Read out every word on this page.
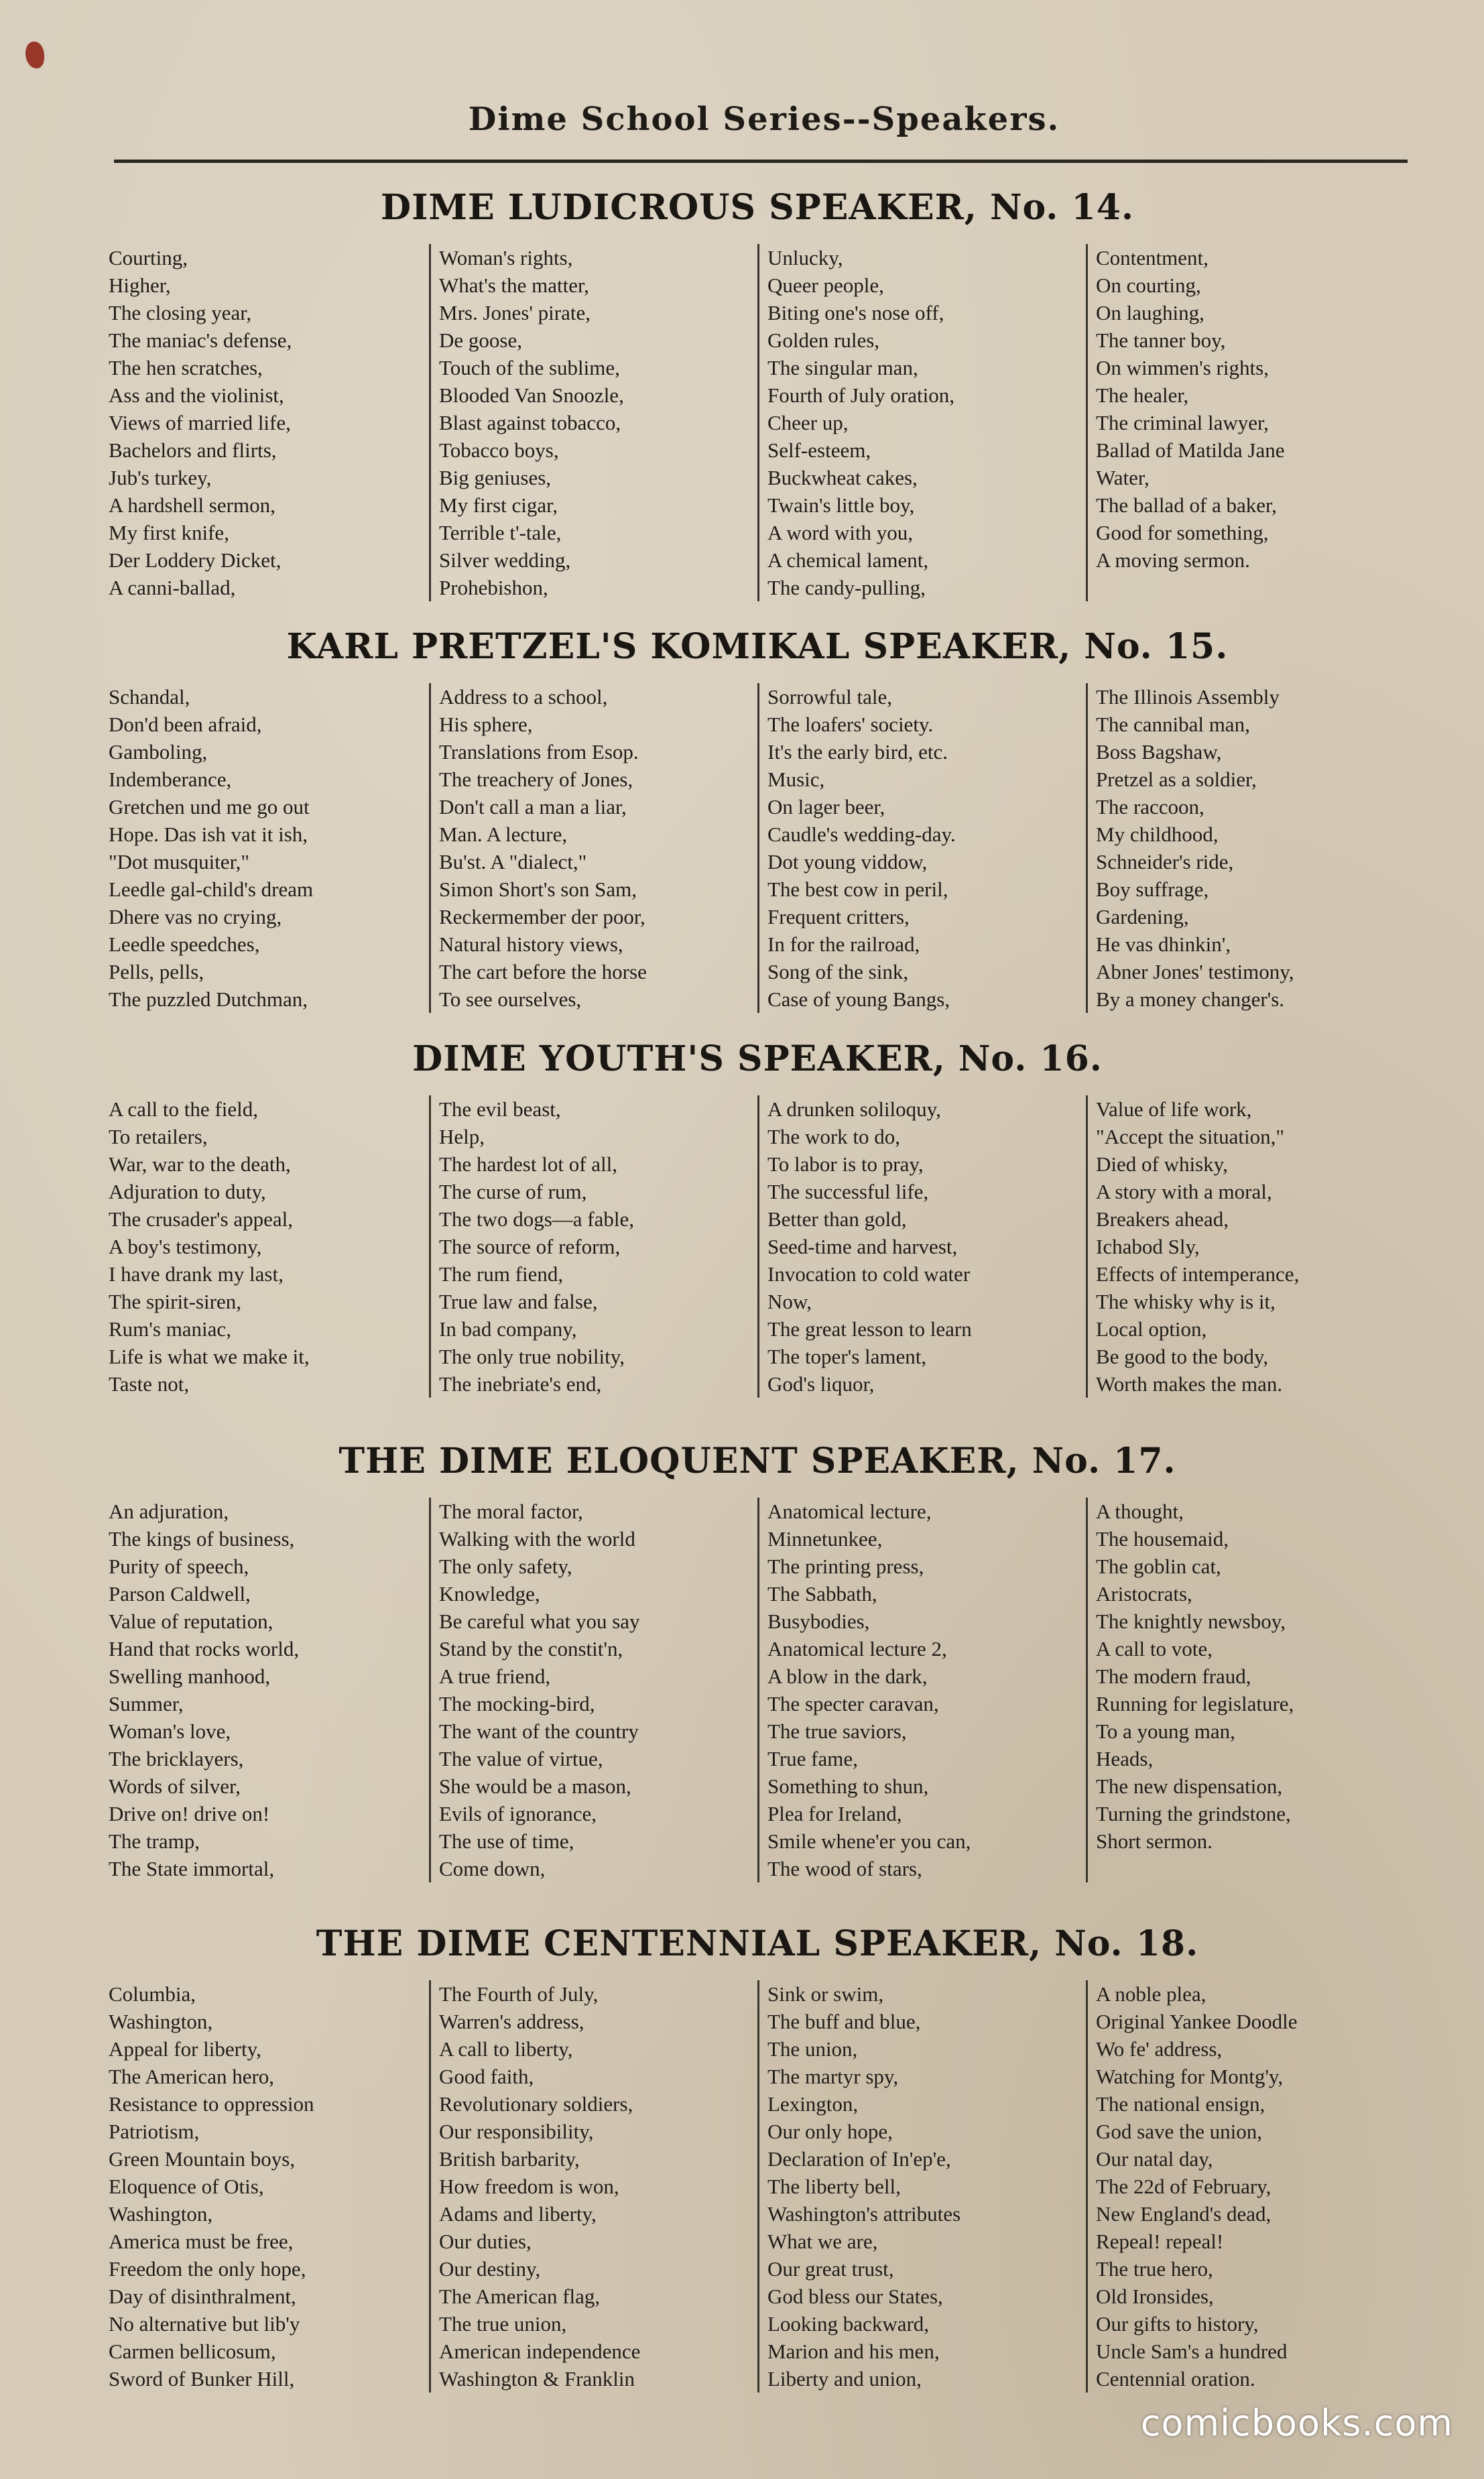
Dime School Series--Speakers.
DIME LUDICROUS SPEAKER, No. 14.
Courting,
Higher,
The closing year,
The maniac's defense,
The hen scratches,
Ass and the violinist,
Views of married life,
Bachelors and flirts,
Jub's turkey,
A hardshell sermon,
My first knife,
Der Loddery Dicket,
A canni-ballad,
Woman's rights,
What's the matter,
Mrs. Jones' pirate,
De goose,
Touch of the sublime,
Blooded Van Snoozle,
Blast against tobacco,
Tobacco boys,
Big geniuses,
My first cigar,
Terrible t'-tale,
Silver wedding,
Prohebishon,
Unlucky,
Queer people,
Biting one's nose off,
Golden rules,
The singular man,
Fourth of July oration,
Cheer up,
Self-esteem,
Buckwheat cakes,
Twain's little boy,
A word with you,
A chemical lament,
The candy-pulling,
Contentment,
On courting,
On laughing,
The tanner boy,
On wimmen's rights,
The healer,
The criminal lawyer,
Ballad of Matilda Jane
Water,
The ballad of a baker,
Good for something,
A moving sermon.
KARL PRETZEL'S KOMIKAL SPEAKER, No. 15.
Schandal,
Don'd been afraid,
Gamboling,
Indemberance,
Gretchen und me go out
Hope. Das ish vat it ish,
"Dot musquiter,"
Leedle gal-child's dream
Dhere vas no crying,
Leedle speedches,
Pells, pells,
The puzzled Dutchman,
Address to a school,
His sphere,
Translations from Esop.
The treachery of Jones,
Don't call a man a liar,
Man. A lecture,
Bu'st. A "dialect,"
Simon Short's son Sam,
Reckermember der poor,
Natural history views,
The cart before the horse
To see ourselves,
Sorrowful tale,
The loafers' society.
It's the early bird, etc.
Music,
On lager beer,
Caudle's wedding-day.
Dot young viddow,
The best cow in peril,
Frequent critters,
In for the railroad,
Song of the sink,
Case of young Bangs,
The Illinois Assembly
The cannibal man,
Boss Bagshaw,
Pretzel as a soldier,
The raccoon,
My childhood,
Schneider's ride,
Boy suffrage,
Gardening,
He vas dhinkin',
Abner Jones' testimony,
By a money changer's.
DIME YOUTH'S SPEAKER, No. 16.
A call to the field,
To retailers,
War, war to the death,
Adjuration to duty,
The crusader's appeal,
A boy's testimony,
I have drank my last,
The spirit-siren,
Rum's maniac,
Life is what we make it,
Taste not,
The evil beast,
Help,
The hardest lot of all,
The curse of rum,
The two dogs—a fable,
The source of reform,
The rum fiend,
True law and false,
In bad company,
The only true nobility,
The inebriate's end,
A drunken soliloquy,
The work to do,
To labor is to pray,
The successful life,
Better than gold,
Seed-time and harvest,
Invocation to cold water
Now,
The great lesson to learn
The toper's lament,
God's liquor,
Value of life work,
"Accept the situation,"
Died of whisky,
A story with a moral,
Breakers ahead,
Ichabod Sly,
Effects of intemperance,
The whisky why is it,
Local option,
Be good to the body,
Worth makes the man.
THE DIME ELOQUENT SPEAKER, No. 17.
An adjuration,
The kings of business,
Purity of speech,
Parson Caldwell,
Value of reputation,
Hand that rocks world,
Swelling manhood,
Summer,
Woman's love,
The bricklayers,
Words of silver,
Drive on! drive on!
The tramp,
The State immortal,
The moral factor,
Walking with the world
The only safety,
Knowledge,
Be careful what you say
Stand by the constit'n,
A true friend,
The mocking-bird,
The want of the country
The value of virtue,
She would be a mason,
Evils of ignorance,
The use of time,
Come down,
Anatomical lecture,
Minnetunkee,
The printing press,
The Sabbath,
Busybodies,
Anatomical lecture 2,
A blow in the dark,
The specter caravan,
The true saviors,
True fame,
Something to shun,
Plea for Ireland,
Smile whene'er you can,
The wood of stars,
A thought,
The housemaid,
The goblin cat,
Aristocrats,
The knightly newsboy,
A call to vote,
The modern fraud,
Running for legislature,
To a young man,
Heads,
The new dispensation,
Turning the grindstone,
Short sermon.
THE DIME CENTENNIAL SPEAKER, No. 18.
Columbia,
Washington,
Appeal for liberty,
The American hero,
Resistance to oppression
Patriotism,
Green Mountain boys,
Eloquence of Otis,
Washington,
America must be free,
Freedom the only hope,
Day of disinthralment,
No alternative but lib'y
Carmen bellicosum,
Sword of Bunker Hill,
The Fourth of July,
Warren's address,
A call to liberty,
Good faith,
Revolutionary soldiers,
Our responsibility,
British barbarity,
How freedom is won,
Adams and liberty,
Our duties,
Our destiny,
The American flag,
The true union,
American independence
Washington & Franklin
Sink or swim,
The buff and blue,
The union,
The martyr spy,
Lexington,
Our only hope,
Declaration of In'ep'e,
The liberty bell,
Washington's attributes
What we are,
Our great trust,
God bless our States,
Looking backward,
Marion and his men,
Liberty and union,
A noble plea,
Original Yankee Doodle
Wo fe' address,
Watching for Montg'y,
The national ensign,
God save the union,
Our natal day,
The 22d of February,
New England's dead,
Repeal! repeal!
The true hero,
Old Ironsides,
Our gifts to history,
Uncle Sam's a hundred
Centennial oration.
comicbooks.com
